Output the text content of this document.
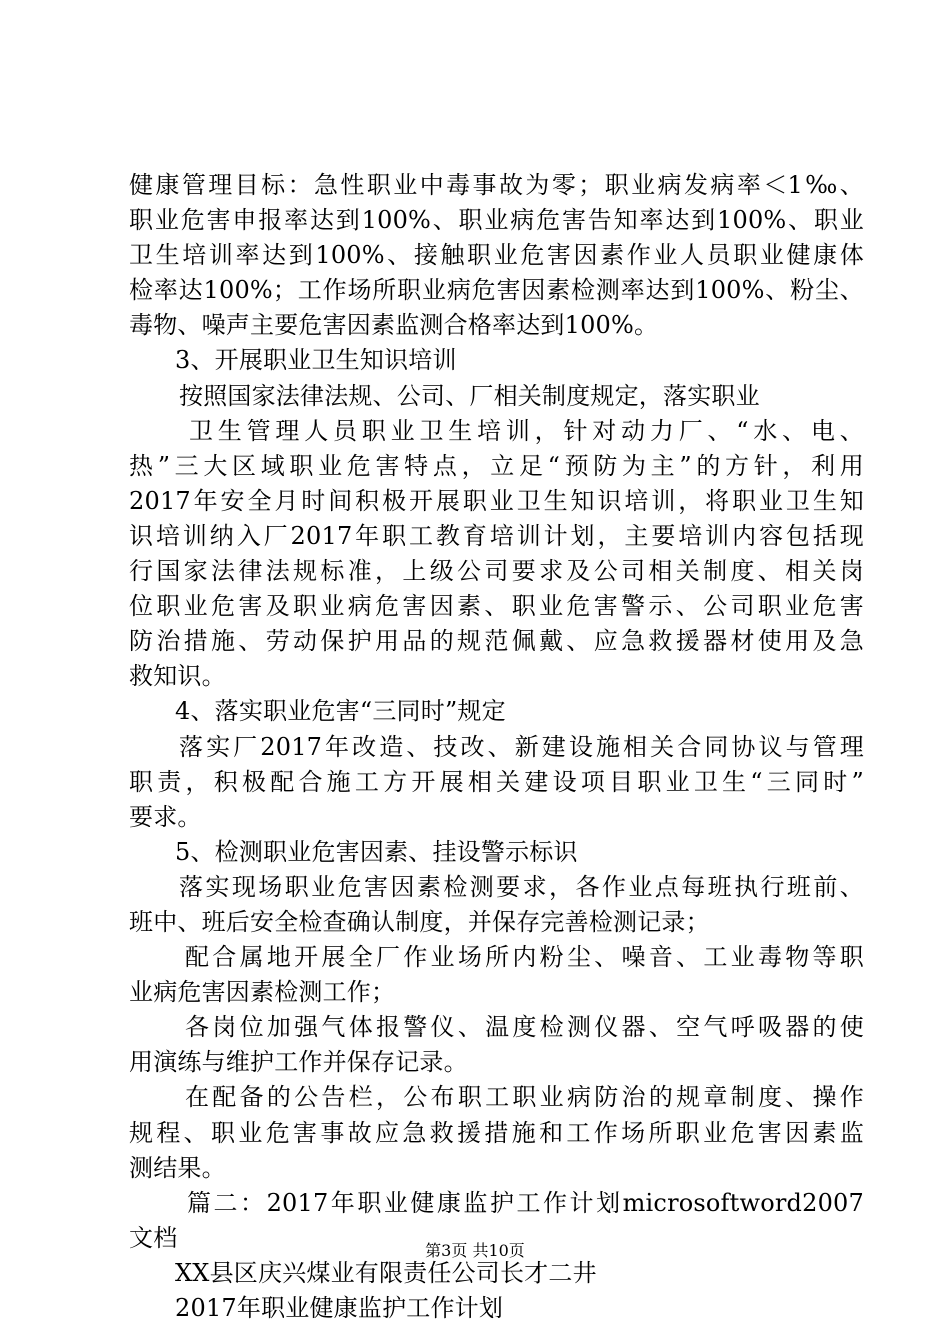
健康管理目标：急性职业中毒事故为零；职业病发病率＜1‰、
职业危害申报率达到100%、职业病危害告知率达到100%、职业
卫生培训率达到100%、接触职业危害因素作业人员职业健康体
检率达100%；工作场所职业病危害因素检测率达到100%、粉尘、
毒物、噪声主要危害因素监测合格率达到100%。
3、开展职业卫生知识培训
按照国家法律法规、公司、厂相关制度规定，落实职业
卫生管理人员职业卫生培训，针对动力厂、“水、电、
热”三大区域职业危害特点，立足“预防为主”的方针，利用
2017年安全月时间积极开展职业卫生知识培训，将职业卫生知
识培训纳入厂2017年职工教育培训计划，主要培训内容包括现
行国家法律法规标准，上级公司要求及公司相关制度、相关岗
位职业危害及职业病危害因素、职业危害警示、公司职业危害
防治措施、劳动保护用品的规范佩戴、应急救援器材使用及急
救知识。
4、落实职业危害“三同时”规定
落实厂2017年改造、技改、新建设施相关合同协议与管理
职责，积极配合施工方开展相关建设项目职业卫生“三同时”
要求。
5、检测职业危害因素、挂设警示标识
落实现场职业危害因素检测要求，各作业点每班执行班前、
班中、班后安全检查确认制度，并保存完善检测记录；
配合属地开展全厂作业场所内粉尘、噪音、工业毒物等职
业病危害因素检测工作；
各岗位加强气体报警仪、温度检测仪器、空气呼吸器的使
用演练与维护工作并保存记录。
在配备的公告栏，公布职工职业病防治的规章制度、操作
规程、职业危害事故应急救援措施和工作场所职业危害因素监
测结果。
篇二：2017年职业健康监护工作计划microsoftword2007
文档
XX县区庆兴煤业有限责任公司长才二井
2017年职业健康监护工作计划
第3页 共10页
